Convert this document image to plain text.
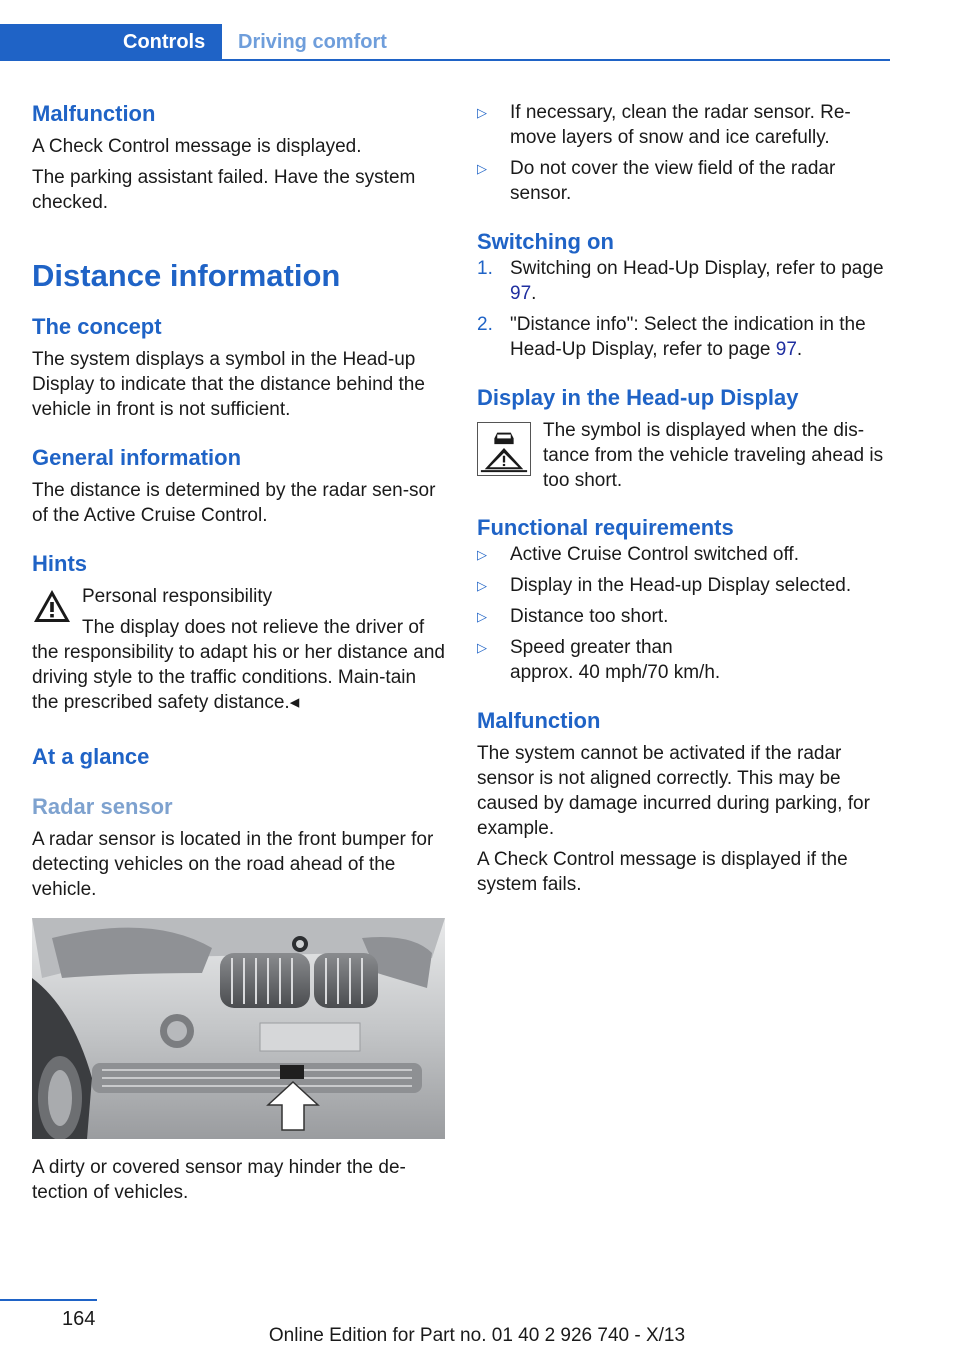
Controls Driving comfort
Malfunction

A Check Control message is displayed.

The parking assistant failed. Have the system checked.

Distance information
The concept

The system displays a symbol in the Head-up Display to indicate that the distance behind the vehicle in front is not sufficient.

General information

The distance is determined by the radar sen-sor of the Active Cruise Control.

Hints

Personal responsibility

The display does not relieve the driver of the responsibility to adapt his or her distance and driving style to the traffic conditions. Main-tain the prescribed safety distance.◂

At a glance
Radar sensor

A radar sensor is located in the front bumper for detecting vehicles on the road ahead of the vehicle.

A dirty or covered sensor may hinder the de-tection of vehicles.

▷ If necessary, clean the radar sensor. Re-move layers of snow and ice carefully.
▷ Do not cover the view field of the radar sensor.
Switching on
1. Switching on Head-Up Display, refer to page 97.
2. "Distance info": Select the indication in the Head-Up Display, refer to page 97.
Display in the Head-up Display

The symbol is displayed when the dis-tance from the vehicle traveling ahead is too short.

Functional requirements
▷ Active Cruise Control switched off.
▷ Display in the Head-up Display selected.
▷ Distance too short.
▷ Speed greater than approx. 40 mph/70 km/h.
Malfunction

The system cannot be activated if the radar sensor is not aligned correctly. This may be caused by damage incurred during parking, for example.

A Check Control message is displayed if the system fails.

164
Online Edition for Part no. 01 40 2 926 740 - X/13
